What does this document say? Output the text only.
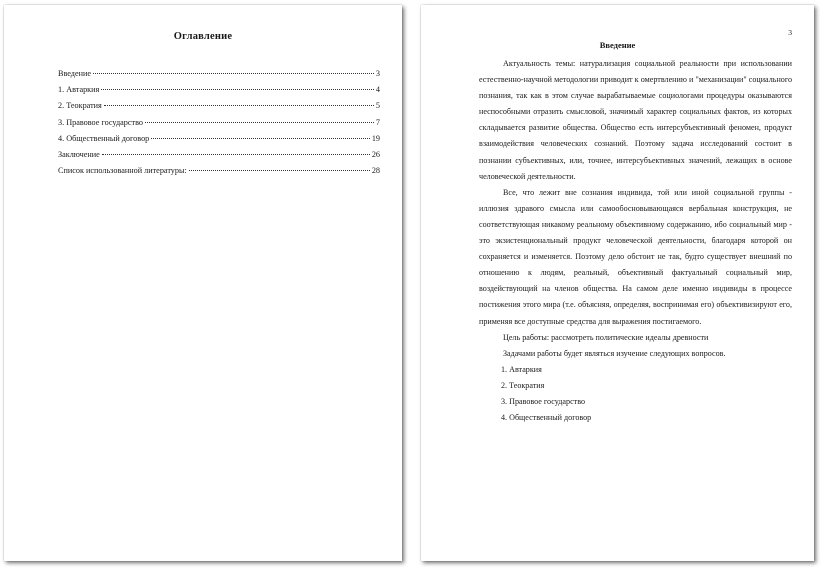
Оглавление
Введение	3
1. Автаркия	4
2. Теократия	5
3. Правовое государство	7
4. Общественный договор	19
Заключение	26
Список использованной литературы:	28
3
Введение

Актуальность темы: натурализация социальной реальности при использовании естественно-научной методологии приводит к омертвлению и "механизации" социального познания, так как в этом случае вырабатываемые социологами процедуры оказываются неспособными отразить смысловой, значимый характер социальных фактов, из которых складывается развитие общества. Общество есть интерсубъективный феномен, продукт взаимодействия человеческих сознаний. Поэтому задача исследований состоит в познании субъективных, или, точнее, интерсубъективных значений, лежащих в основе человеческой деятельности.

Все, что лежит вне сознания индивида, той или иной социальной группы - иллюзия здравого смысла или самообосновывающаяся вербальная конструкция, не соответствующая никакому реальному объективному содержанию, ибо социальный мир - это экзистенциональный продукт человеческой деятельности, благодаря которой он сохраняется и изменяется. Поэтому дело обстоит не так, будто существует внешний по отношению к людям, реальный, объективный фактуальный социальный мир, воздействующий на членов общества. На самом деле именно индивиды в процессе постижения этого мира (т.е. объясняя, определяя, воспринимая его) объективизируют его, применяя все доступные средства для выражения постигаемого.

Цель работы: рассмотреть политические идеалы древности

Задачами работы будет являться изучение следующих вопросов.

1. Автаркия

2. Теократия

3. Правовое государство

4. Общественный договор
